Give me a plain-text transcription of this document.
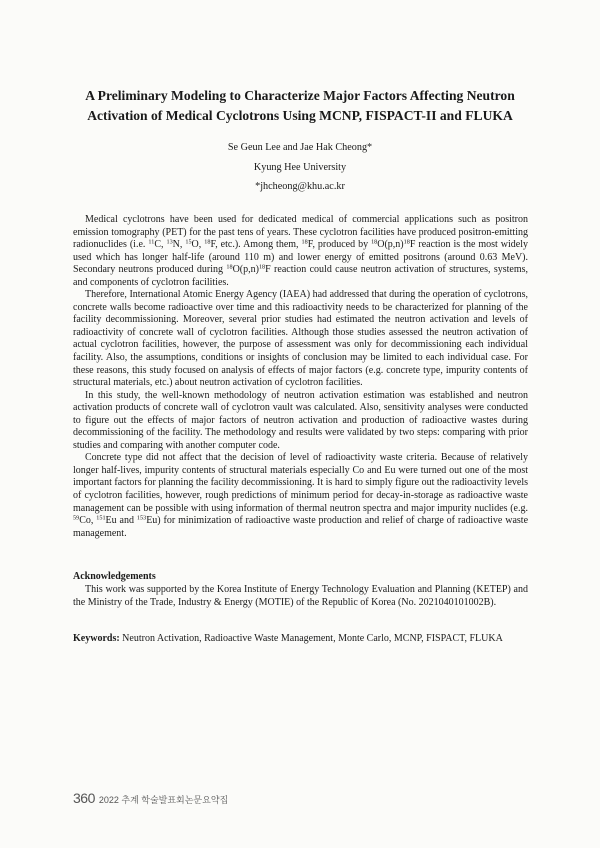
A Preliminary Modeling to Characterize Major Factors Affecting Neutron
Activation of Medical Cyclotrons Using MCNP, FISPACT-II and FLUKA
Se Geun Lee and Jae Hak Cheong*
Kyung Hee University
*jhcheong@khu.ac.kr

Medical cyclotrons have been used for dedicated medical of commercial applications such as positron emission tomography (PET) for the past tens of years. These cyclotron facilities have produced positron-emitting radionuclides (i.e. $^{11}$C, $^{13}$N, $^{15}$O, $^{18}$F, etc.). Among them, $^{18}$F, produced by $^{18}O(p,n)^{18}F$ reaction is the most widely used which has longer half-life (around 110 m) and lower energy of emitted positrons (around 0.63 MeV). Secondary neutrons produced during $^{18}O(p,n)^{18}F$ reaction could cause neutron activation of structures, systems, and components of cyclotron facilities.

Therefore, International Atomic Energy Agency (IAEA) had addressed that during the operation of cyclotrons, concrete walls become radioactive over time and this radioactivity needs to be characterized for planning of the facility decommissioning. Moreover, several prior studies had estimated the neutron activation and levels of radioactivity of concrete wall of cyclotron facilities. Although those studies assessed the neutron activation of actual cyclotron facilities, however, the purpose of assessment was only for decommissioning each individual facility. Also, the assumptions, conditions or insights of conclusion may be limited to each individual case. For these reasons, this study focused on analysis of effects of major factors (e.g. concrete type, impurity contents of structural materials, etc.) about neutron activation of cyclotron facilities.

In this study, the well-known methodology of neutron activation estimation was established and neutron activation products of concrete wall of cyclotron vault was calculated. Also, sensitivity analyses were conducted to figure out the effects of major factors of neutron activation and production of radioactive wastes during decommissioning of the facility. The methodology and results were validated by two steps: comparing with prior studies and comparing with another computer code.

Concrete type did not affect that the decision of level of radioactivity waste criteria. Because of relatively longer half-lives, impurity contents of structural materials especially Co and Eu were turned out one of the most important factors for planning the facility decommissioning. It is hard to simply figure out the radioactivity levels of cyclotron facilities, however, rough predictions of minimum period for decay-in-storage as radioactive waste management can be possible with using information of thermal neutron spectra and major impurity nuclides (e.g. $^{59}$Co, $^{151}$Eu and $^{153}$Eu) for minimization of radioactive waste production and relief of charge of radioactive waste management.

Acknowledgements

This work was supported by the Korea Institute of Energy Technology Evaluation and Planning (KETEP) and the Ministry of the Trade, Industry & Energy (MOTIE) of the Republic of Korea (No. 2021040101002B).

Keywords: Neutron Activation, Radioactive Waste Management, Monte Carlo, MCNP, FISPACT, FLUKA
360 2022 추계 학술발표회논문요약집
